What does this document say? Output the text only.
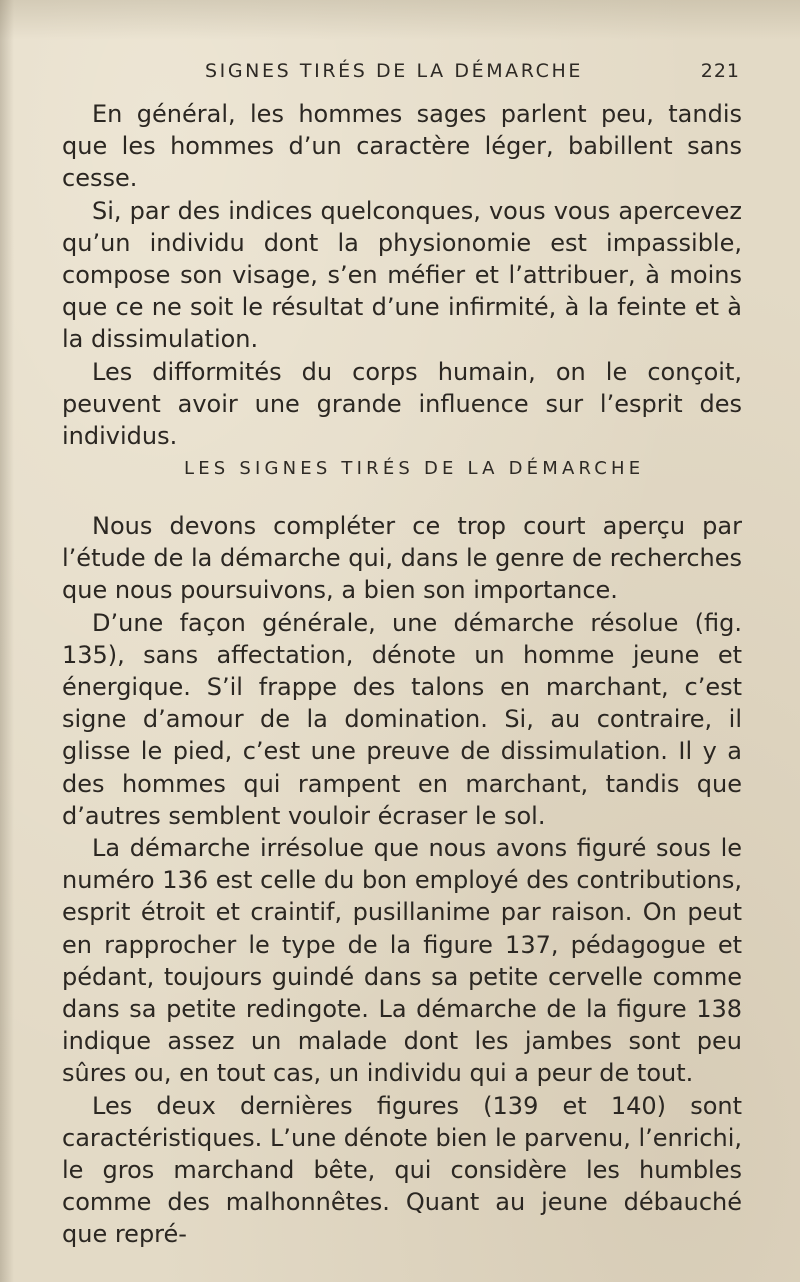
SIGNES TIRÉS DE LA DÉMARCHE	221

En général, les hommes sages parlent peu, tandis que les hommes d’un caractère léger, babillent sans cesse.

Si, par des indices quelconques, vous vous apercevez qu’un individu dont la physionomie est impassible, compose son visage, s’en méfier et l’attribuer, à moins que ce ne soit le résultat d’une infirmité, à la feinte et à la dissimulation.

Les difformités du corps humain, on le conçoit, peuvent avoir une grande influence sur l’esprit des individus.

LES SIGNES TIRÉS DE LA DÉMARCHE

Nous devons compléter ce trop court aperçu par l’étude de la démarche qui, dans le genre de recherches que nous poursuivons, a bien son importance.

D’une façon générale, une démarche résolue (fig. 135), sans affectation, dénote un homme jeune et énergique. S’il frappe des talons en marchant, c’est signe d’amour de la domination. Si, au contraire, il glisse le pied, c’est une preuve de dissimulation. Il y a des hommes qui rampent en marchant, tandis que d’autres semblent vouloir écraser le sol.

La démarche irrésolue que nous avons figuré sous le numéro 136 est celle du bon employé des contributions, esprit étroit et craintif, pusillanime par raison. On peut en rapprocher le type de la figure 137, pédagogue et pédant, toujours guindé dans sa petite cervelle comme dans sa petite redingote. La démarche de la figure 138 indique assez un malade dont les jambes sont peu sûres ou, en tout cas, un individu qui a peur de tout.

Les deux dernières figures (139 et 140) sont caractéristiques. L’une dénote bien le parvenu, l’enrichi, le gros marchand bête, qui considère les humbles comme des malhonnêtes. Quant au jeune débauché que repré-
